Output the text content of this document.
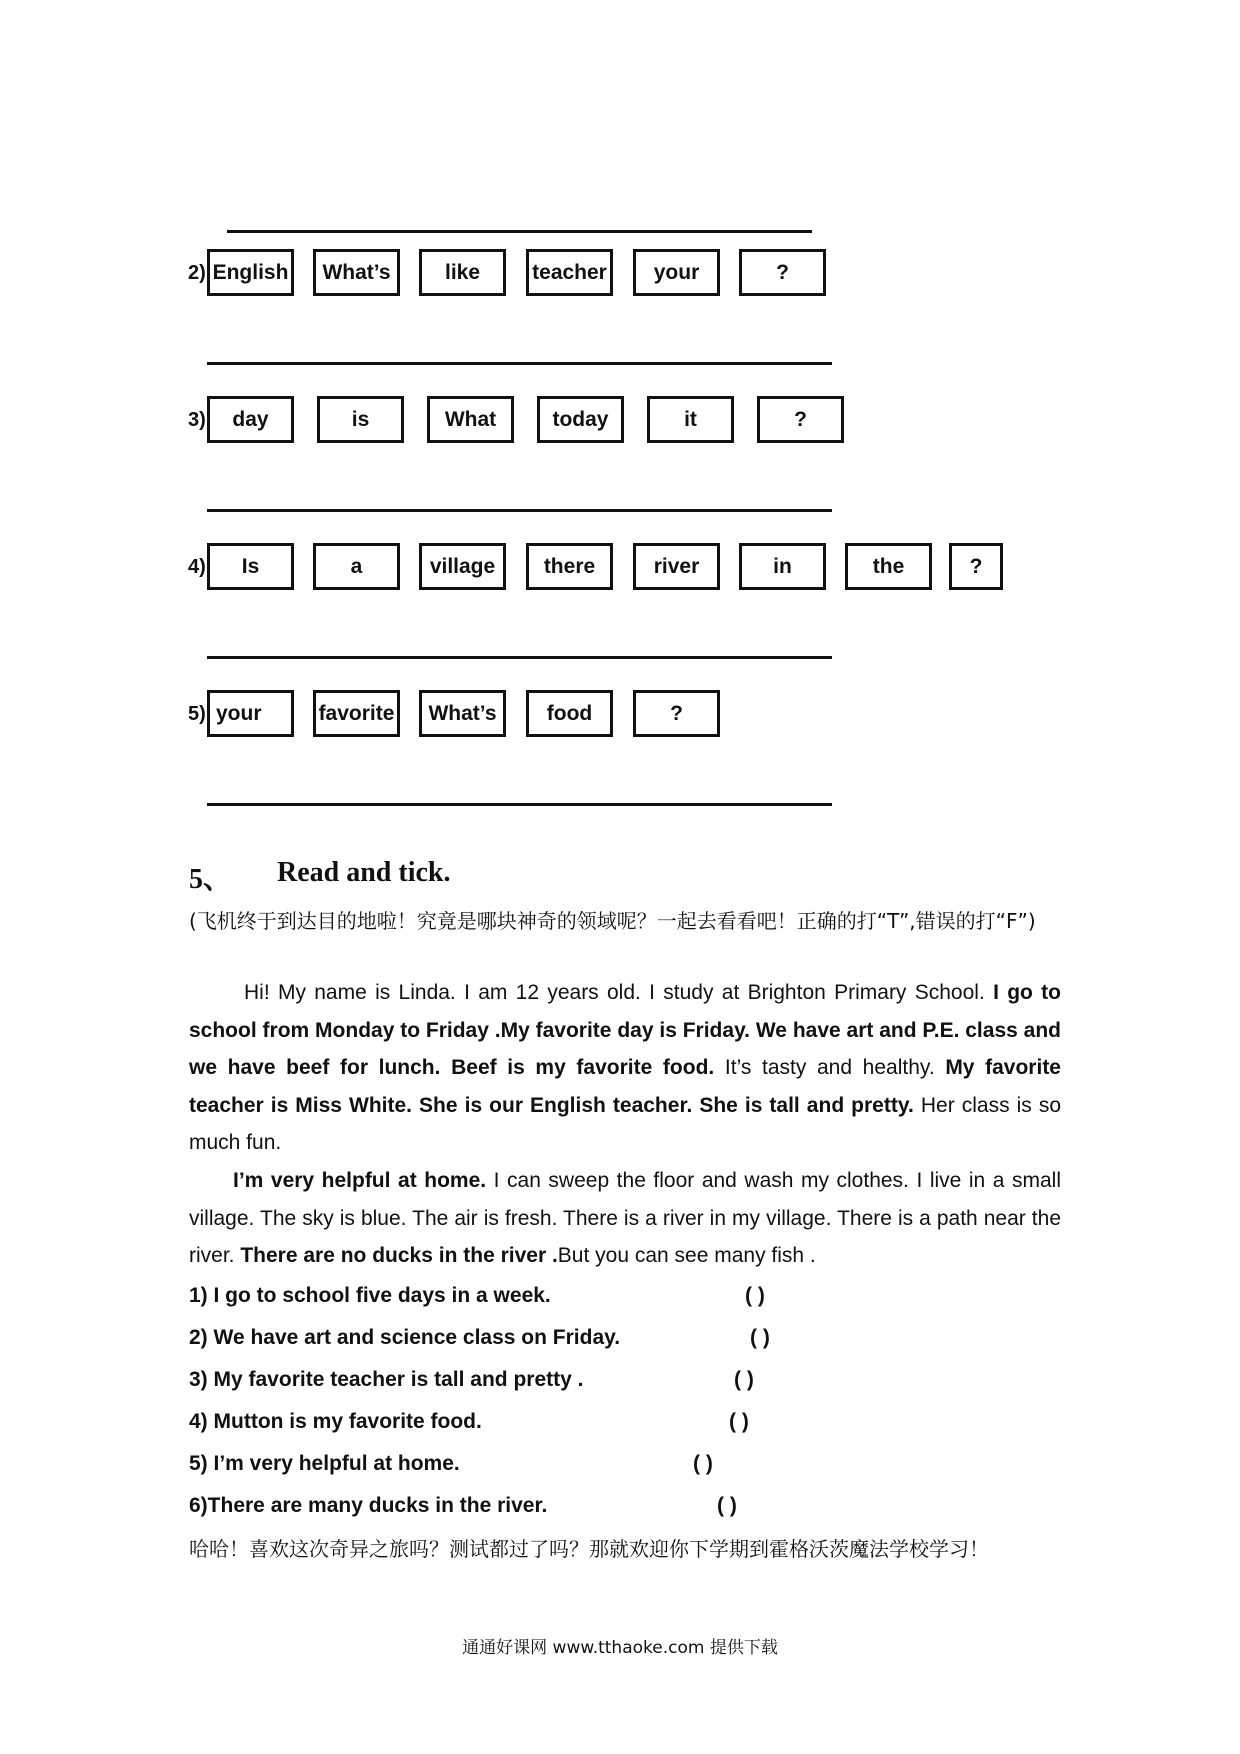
2) English	What’s	like	teacher	your	?
3)	day	is	What	today	it	?
4)	Is	a	village	there	river	in	the	?
5) your	favorite	What’s	food	?
5、 Read and tick.
(飞机终于到达目的地啦！究竟是哪块神奇的领域呢？一起去看看吧！正确的打“T”,错误的打“F”)
Hi! My name is Linda. I am 12 years old. I study at Brighton Primary School. I go to school from Monday to Friday .My favorite day is Friday. We have art and P.E. class and we have beef for lunch. Beef is my favorite food. It’s tasty and healthy. My favorite teacher is Miss White. She is our English teacher. She is tall and pretty. Her class is so much fun.
I’m very helpful at home. I can sweep the floor and wash my clothes. I live in a small village. The sky is blue. The air is fresh. There is a river in my village. There is a path near the river. There are no ducks in the river .But you can see many fish .
1) I go to school five days in a week.	( )
2) We have art and science class on Friday.	( )
3) My favorite teacher is tall and pretty .	( )
4) Mutton is my favorite food.	( )
5) I’m very helpful at home.	( )
6)There are many ducks in the river.	( )
哈哈！喜欢这次奇异之旅吗？测试都过了吗？那就欢迎你下学期到霍格沃茨魔法学校学习！
通通好课网 www.tthaoke.com 提供下载
